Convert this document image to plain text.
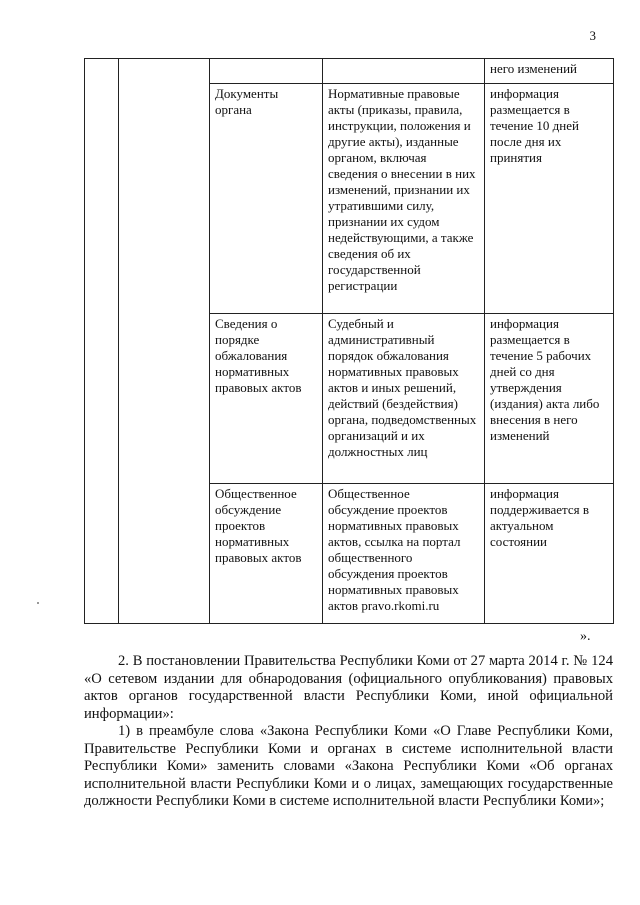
3
				него изменений
		Документы органа	Нормативные правовые акты (приказы, правила, инструкции, положения и другие акты), изданные органом, включая сведения о внесении в них изменений, признании их утратившими силу, признании их судом недействующими, а также сведения об их государственной регистрации	информация размещается в течение 10 дней после дня их принятия
		Сведения о порядке обжалования нормативных правовых актов	Судебный и административный порядок обжалования нормативных правовых актов и иных решений, действий (бездействия) органа, подведомственных организаций и их должностных лиц	информация размещается в течение 5 рабочих дней со дня утверждения (издания) акта либо внесения в него изменений
		Общественное обсуждение проектов нормативных правовых актов	Общественное обсуждение проектов нормативных правовых актов, ссылка на портал общественного обсуждения проектов нормативных правовых актов pravo.rkomi.ru	информация поддерживается в актуальном состоянии
».

2. В постановлении Правительства Республики Коми от 27 марта 2014 г. № 124 «О сетевом издании для обнародования (официального опубликования) правовых актов органов государственной власти Республики Коми, иной официальной информации»:

1) в преамбуле слова «Закона Республики Коми «О Главе Республики Коми, Правительстве Республики Коми и органах в системе исполнительной власти Республики Коми» заменить словами «Закона Республики Коми «Об органах исполнительной власти Республики Коми и о лицах, замещающих государственные должности Республики Коми в системе исполнительной власти Республики Коми»;
